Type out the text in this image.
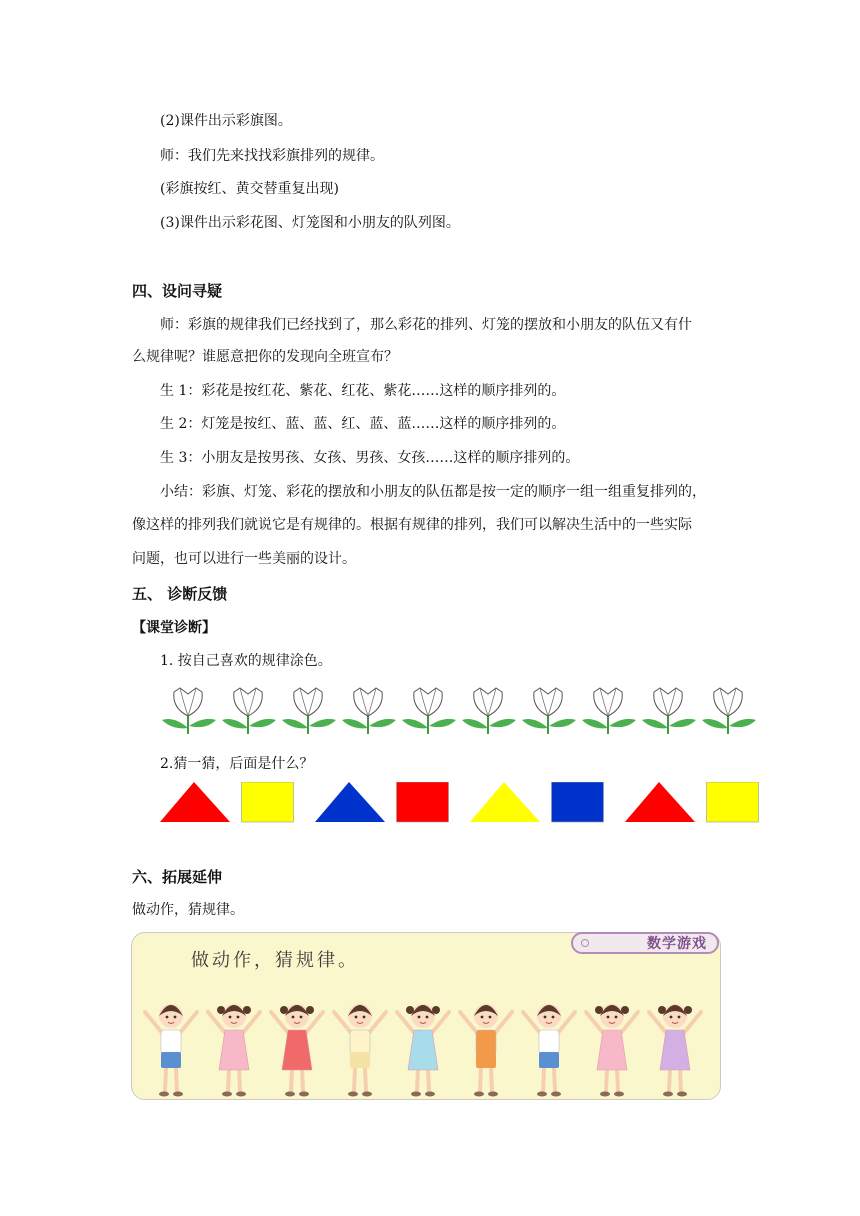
(2)课件出示彩旗图。
师：我们先来找找彩旗排列的规律。
(彩旗按红、黄交替重复出现)
(3)课件出示彩花图、灯笼图和小朋友的队列图。
四、设问寻疑
师：彩旗的规律我们已经找到了，那么彩花的排列、灯笼的摆放和小朋友的队伍又有什
么规律呢？谁愿意把你的发现向全班宣布？
生 1：彩花是按红花、紫花、红花、紫花……这样的顺序排列的。
生 2：灯笼是按红、蓝、蓝、红、蓝、蓝……这样的顺序排列的。
生 3：小朋友是按男孩、女孩、男孩、女孩……这样的顺序排列的。
小结：彩旗、灯笼、彩花的摆放和小朋友的队伍都是按一定的顺序一组一组重复排列的，
像这样的排列我们就说它是有规律的。根据有规律的排列，我们可以解决生活中的一些实际
问题，也可以进行一些美丽的设计。
五、 诊断反馈
【课堂诊断】
1. 按自己喜欢的规律涂色。
2.猜一猜，后面是什么？
六、拓展延伸
做动作，猜规律。
做动作，猜规律。
数学游戏
